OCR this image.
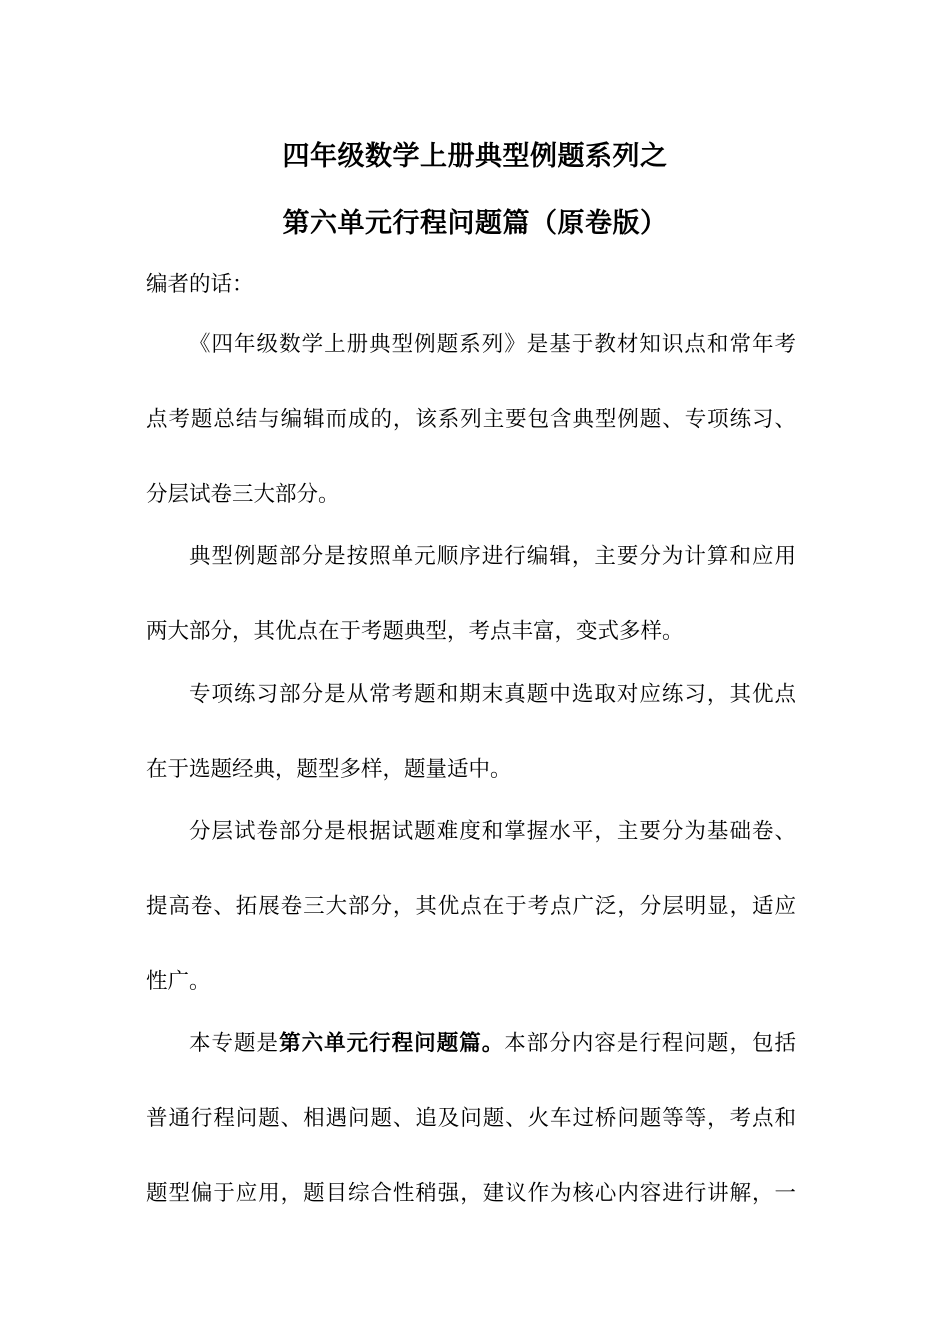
四年级数学上册典型例题系列之
第六单元行程问题篇（原卷版）
编者的话：
《四年级数学上册典型例题系列》是基于教材知识点和常年考
点考题总结与编辑而成的，该系列主要包含典型例题、专项练习、
分层试卷三大部分。
典型例题部分是按照单元顺序进行编辑，主要分为计算和应用
两大部分，其优点在于考题典型，考点丰富，变式多样。
专项练习部分是从常考题和期末真题中选取对应练习，其优点
在于选题经典，题型多样，题量适中。
分层试卷部分是根据试题难度和掌握水平，主要分为基础卷、
提高卷、拓展卷三大部分，其优点在于考点广泛，分层明显，适应
性广。
本专题是第六单元行程问题篇。本部分内容是行程问题，包括
普通行程问题、相遇问题、追及问题、火车过桥问题等等，考点和
题型偏于应用，题目综合性稍强，建议作为核心内容进行讲解，一
